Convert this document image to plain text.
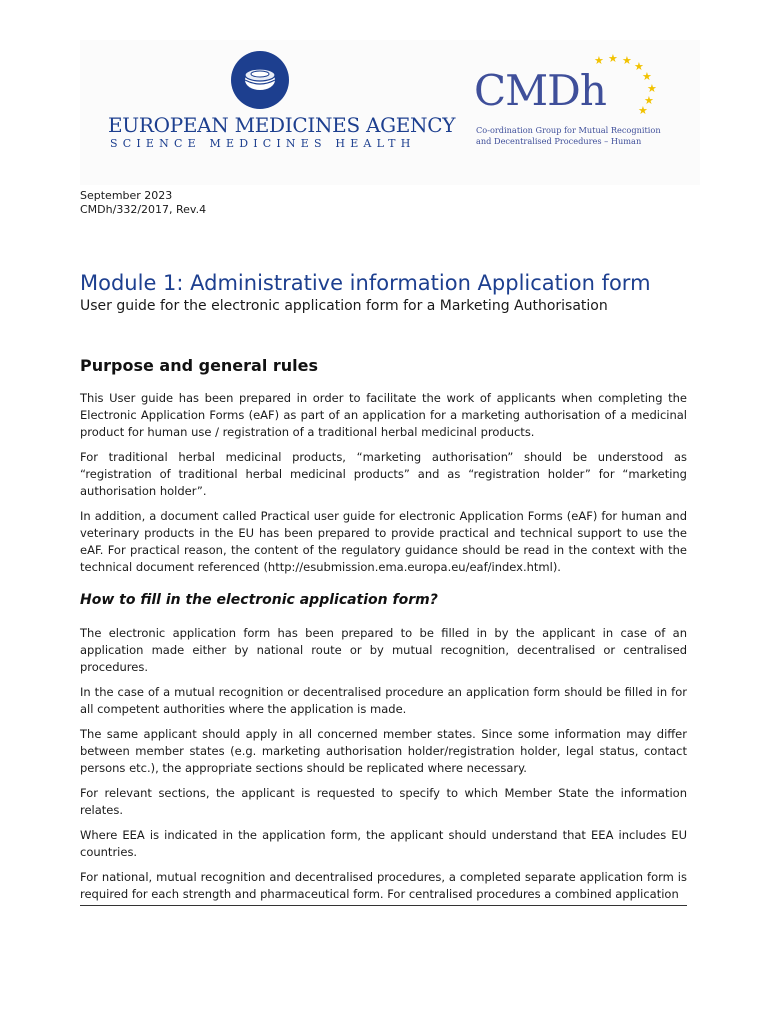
EUROPEAN MEDICINES AGENCY
SCIENCE MEDICINES HEALTH
CMDh
★ ★ ★ ★
★
★
★
★
Co-ordination Group for Mutual Recognition
and Decentralised Procedures – Human
September 2023
CMDh/332/2017, Rev.4
Module 1: Administrative information Application form
User guide for the electronic application form for a Marketing Authorisation
Purpose and general rules

This User guide has been prepared in order to facilitate the work of applicants when completing the Electronic Application Forms (eAF) as part of an application for a marketing authorisation of a medicinal product for human use / registration of a traditional herbal medicinal products.

For traditional herbal medicinal products, “marketing authorisation” should be understood as “registration of traditional herbal medicinal products” and as “registration holder” for “marketing authorisation holder”.

In addition, a document called Practical user guide for electronic Application Forms (eAF) for human and veterinary products in the EU has been prepared to provide practical and technical support to use the eAF. For practical reason, the content of the regulatory guidance should be read in the context with the technical document referenced (http://esubmission.ema.europa.eu/eaf/index.html).

How to fill in the electronic application form?

The electronic application form has been prepared to be filled in by the applicant in case of an application made either by national route or by mutual recognition, decentralised or centralised procedures.

In the case of a mutual recognition or decentralised procedure an application form should be filled in for all competent authorities where the application is made.

The same applicant should apply in all concerned member states. Since some information may differ between member states (e.g. marketing authorisation holder/registration holder, legal status, contact persons etc.), the appropriate sections should be replicated where necessary.

For relevant sections, the applicant is requested to specify to which Member State the information relates.

Where EEA is indicated in the application form, the applicant should understand that EEA includes EU countries.

For national, mutual recognition and decentralised procedures, a completed separate application form is required for each strength and pharmaceutical form. For centralised procedures a combined application
